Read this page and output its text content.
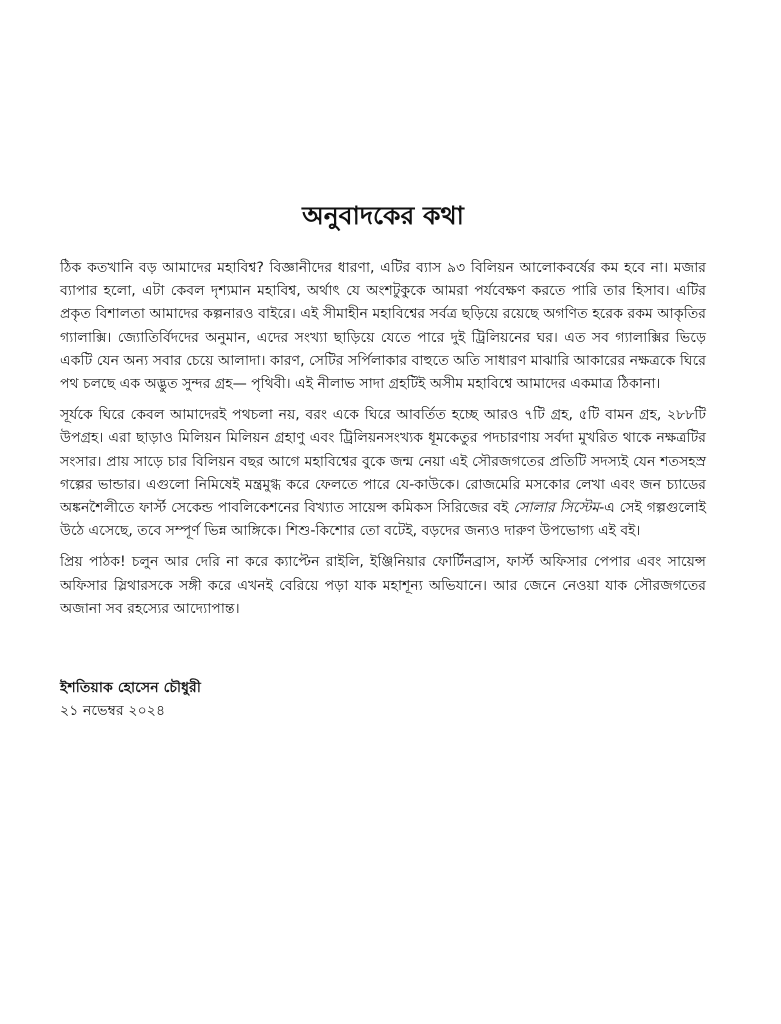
অনুবাদকের কথা

ঠিক কতখানি বড় আমাদের মহাবিশ্ব? বিজ্ঞানীদের ধারণা, এটির ব্যাস ৯৩ বিলিয়ন আলোকবর্ষের কম হবে না। মজার ব্যাপার হলো, এটা কেবল দৃশ্যমান মহাবিশ্ব, অর্থাৎ যে অংশটুকুকে আমরা পর্যবেক্ষণ করতে পারি তার হিসাব। এটির প্রকৃত বিশালতা আমাদের কল্পনারও বাইরে। এই সীমাহীন মহাবিশ্বের সর্বত্র ছড়িয়ে রয়েছে অগণিত হরেক রকম আকৃতির গ্যালাক্সি। জ্যোতির্বিদদের অনুমান, এদের সংখ্যা ছাড়িয়ে যেতে পারে দুই ট্রিলিয়নের ঘর। এত সব গ্যালাক্সির ভিড়ে একটি যেন অন্য সবার চেয়ে আলাদা। কারণ, সেটির সর্পিলাকার বাহুতে অতি সাধারণ মাঝারি আকারের নক্ষত্রকে ঘিরে পথ চলছে এক অদ্ভুত সুন্দর গ্রহ— পৃথিবী। এই নীলাভ সাদা গ্রহটিই অসীম মহাবিশ্বে আমাদের একমাত্র ঠিকানা।

সূর্যকে ঘিরে কেবল আমাদেরই পথচলা নয়, বরং একে ঘিরে আবর্তিত হচ্ছে আরও ৭টি গ্রহ, ৫টি বামন গ্রহ, ২৮৮টি উপগ্রহ। এরা ছাড়াও মিলিয়ন মিলিয়ন গ্রহাণু এবং ট্রিলিয়নসংখ্যক ধূমকেতুর পদচারণায় সর্বদা মুখরিত থাকে নক্ষত্রটির সংসার। প্রায় সাড়ে চার বিলিয়ন বছর আগে মহাবিশ্বের বুকে জন্ম নেয়া এই সৌরজগতের প্রতিটি সদস্যই যেন শতসহস্র গল্পের ভান্ডার। এগুলো নিমিষেই মন্ত্রমুগ্ধ করে ফেলতে পারে যে-কাউকে। রোজমেরি মসকোর লেখা এবং জন চ্যাডের অঙ্কনশৈলীতে ফার্স্ট সেকেন্ড পাবলিকেশনের বিখ্যাত সায়েন্স কমিকস সিরিজের বই সোলার সিস্টেম-এ সেই গল্পগুলোই উঠে এসেছে, তবে সম্পূর্ণ ভিন্ন আঙ্গিকে। শিশু-কিশোর তো বটেই, বড়দের জন্যও দারুণ উপভোগ্য এই বই।

প্রিয় পাঠক! চলুন আর দেরি না করে ক্যাপ্টেন রাইলি, ইঞ্জিনিয়ার ফোর্টিনব্রাস, ফার্স্ট অফিসার পেপার এবং সায়েন্স অফিসার স্লিথারসকে সঙ্গী করে এখনই বেরিয়ে পড়া যাক মহাশূন্য অভিযানে। আর জেনে নেওয়া যাক সৌরজগতের অজানা সব রহস্যের আদ্যোপান্ত।

ইশতিয়াক হোসেন চৌধুরী

২১ নভেম্বর ২০২৪
